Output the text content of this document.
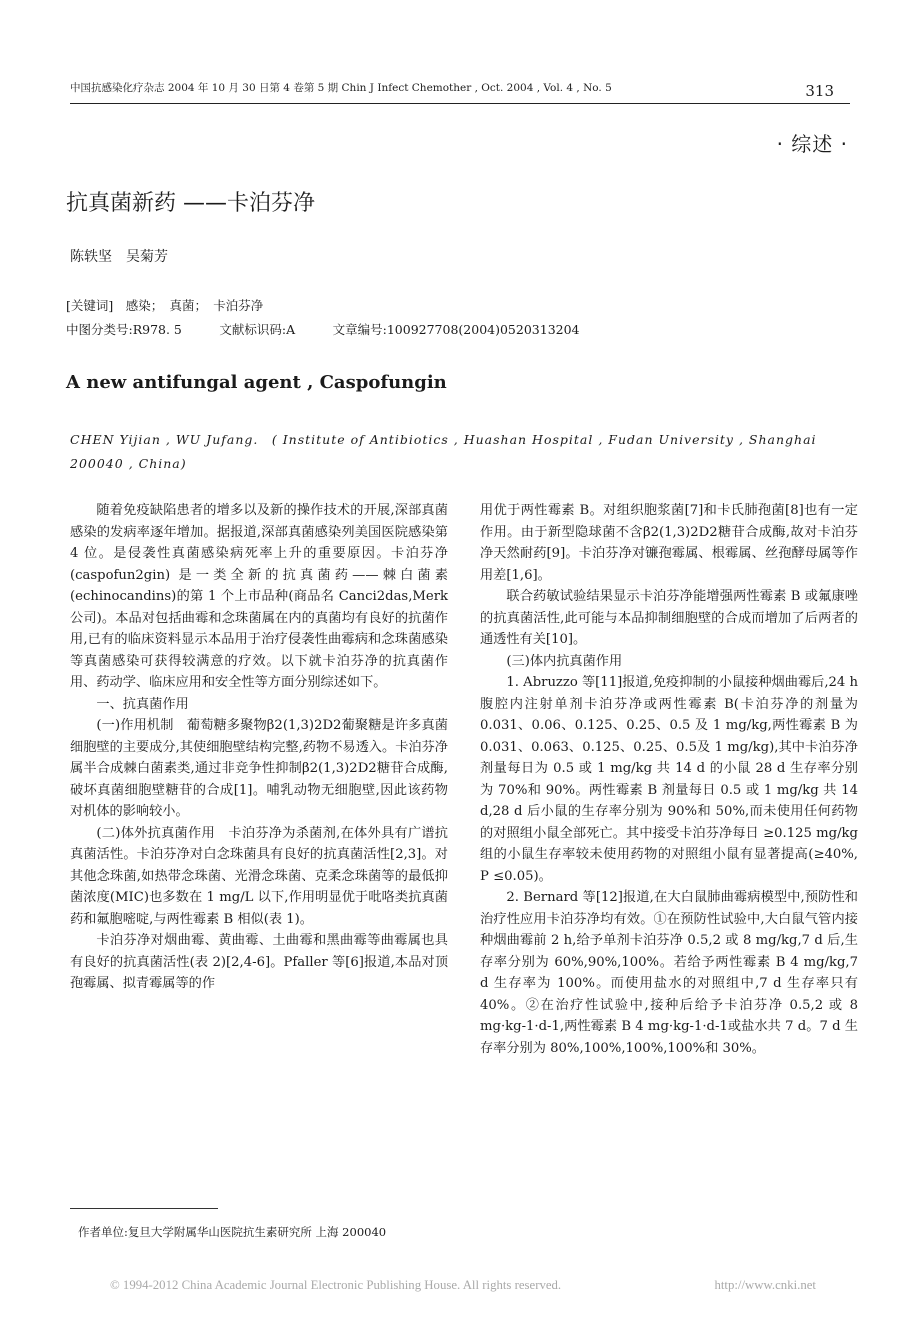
中国抗感染化疗杂志 2004 年 10 月 30 日第 4 卷第 5 期 Chin J Infect Chemother , Oct. 2004 , Vol. 4 , No. 5	313
· 综述 ·
抗真菌新药 ——卡泊芬净
陈轶坚　吴菊芳
[关键词]　感染；　真菌；　卡泊芬净
中图分类号:R978. 5　　　文献标识码:A　　　文章编号:100927708(2004)0520313204
A new antifungal agent , Caspofungin
CHEN Yijian , WU Jufang.　( Institute of Antibiotics , Huashan Hospital , Fudan University , Shanghai
200040 , China)

随着免疫缺陷患者的增多以及新的操作技术的开展,深部真菌感染的发病率逐年增加。据报道,深部真菌感染列美国医院感染第 4 位。是侵袭性真菌感染病死率上升的重要原因。卡泊芬净(caspofun2gin) 是一类全新的抗真菌药——棘白菌素(echinocandins)的第 1 个上市品种(商品名 Canci2das,Merk 公司)。本品对包括曲霉和念珠菌属在内的真菌均有良好的抗菌作用,已有的临床资料显示本品用于治疗侵袭性曲霉病和念珠菌感染等真菌感染可获得较满意的疗效。以下就卡泊芬净的抗真菌作用、药动学、临床应用和安全性等方面分别综述如下。

一、抗真菌作用

(一)作用机制　葡萄糖多聚物β2(1,3)2D2葡聚糖是许多真菌细胞壁的主要成分,其使细胞壁结构完整,药物不易透入。卡泊芬净属半合成棘白菌素类,通过非竞争性抑制β2(1,3)2D2糖苷合成酶,破坏真菌细胞壁糖苷的合成[1]。哺乳动物无细胞壁,因此该药物对机体的影响较小。

(二)体外抗真菌作用　卡泊芬净为杀菌剂,在体外具有广谱抗真菌活性。卡泊芬净对白念珠菌具有良好的抗真菌活性[2,3]。对其他念珠菌,如热带念珠菌、光滑念珠菌、克柔念珠菌等的最低抑菌浓度(MIC)也多数在 1 mg/L 以下,作用明显优于吡咯类抗真菌药和氟胞嘧啶,与两性霉素 B 相似(表 1)。

卡泊芬净对烟曲霉、黄曲霉、土曲霉和黑曲霉等曲霉属也具有良好的抗真菌活性(表 2)[2,4-6]。Pfaller 等[6]报道,本品对顶孢霉属、拟青霉属等的作

用优于两性霉素 B。对组织胞浆菌[7]和卡氏肺孢菌[8]也有一定作用。由于新型隐球菌不含β2(1,3)2D2糖苷合成酶,故对卡泊芬净天然耐药[9]。卡泊芬净对镰孢霉属、根霉属、丝孢酵母属等作用差[1,6]。

联合药敏试验结果显示卡泊芬净能增强两性霉素 B 或氟康唑的抗真菌活性,此可能与本品抑制细胞壁的合成而增加了后两者的通透性有关[10]。

(三)体内抗真菌作用

1. Abruzzo 等[11]报道,免疫抑制的小鼠接种烟曲霉后,24 h 腹腔内注射单剂卡泊芬净或两性霉素 B(卡泊芬净的剂量为 0.031、0.06、0.125、0.25、0.5 及 1 mg/kg,两性霉素 B 为 0.031、0.063、0.125、0.25、0.5及 1 mg/kg),其中卡泊芬净剂量每日为 0.5 或 1 mg/kg 共 14 d 的小鼠 28 d 生存率分别为 70%和 90%。两性霉素 B 剂量每日 0.5 或 1 mg/kg 共 14 d,28 d 后小鼠的生存率分别为 90%和 50%,而未使用任何药物的对照组小鼠全部死亡。其中接受卡泊芬净每日 ≥0.125 mg/kg 组的小鼠生存率较未使用药物的对照组小鼠有显著提高(≥40%, P ≤0.05)。

2. Bernard 等[12]报道,在大白鼠肺曲霉病模型中,预防性和治疗性应用卡泊芬净均有效。①在预防性试验中,大白鼠气管内接种烟曲霉前 2 h,给予单剂卡泊芬净 0.5,2 或 8 mg/kg,7 d 后,生存率分别为 60%,90%,100%。若给予两性霉素 B 4 mg/kg,7 d 生存率为 100%。而使用盐水的对照组中,7 d 生存率只有 40%。②在治疗性试验中,接种后给予卡泊芬净 0.5,2 或 8 mg·kg-1·d-1,两性霉素 B 4 mg·kg-1·d-1或盐水共 7 d。7 d 生存率分别为 80%,100%,100%,100%和 30%。

作者单位:复旦大学附属华山医院抗生素研究所 上海 200040
© 1994-2012 China Academic Journal Electronic Publishing House. All rights reserved.	http://www.cnki.net
